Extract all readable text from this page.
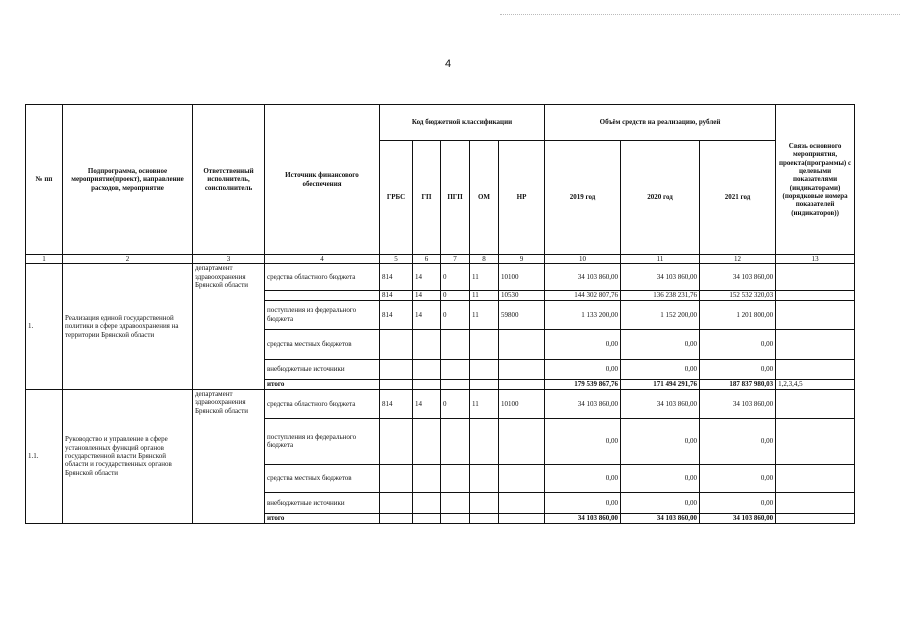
4
№ пп	Подпрограмма, основное мероприятие(проект), направление расходов, мероприятие	Ответственный исполнитель, соисполнитель	Источник финансового обеспечения	Код бюджетной классификации					Объём средств на реализацию, рублей			Связь основного мероприятия, проекта(программы) с целевыми показателями (индикаторами) (порядковые номера показателей (индикаторов))
				ГРБС	ГП	ПГП	ОМ	НР	2019 год	2020 год	2021 год	
1	2	3	4	5	6	7	8	9	10	11	12	13
1.	Реализация единой государственной политики в сфере здравоохранения на территории Брянской области	департамент здравоохранения Брянской области	средства областного бюджета	814	14	0	11	10100	34 103 860,00	34 103 860,00	34 103 860,00	
				814	14	0	11	10530	144 302 807,76	136 238 231,76	152 532 320,03	
			поступления из федерального бюджета	814	14	0	11	59800	1 133 200,00	1 152 200,00	1 201 800,00	
			средства местных бюджетов						0,00	0,00	0,00	
			внебюджетные источники						0,00	0,00	0,00	
			итого						179 539 867,76	171 494 291,76	187 837 980,03	1,2,3,4,5
1.1.	Руководство и управление в сфере установленных функций органов государственной власти Брянской области и государственных органов Брянской области	департамент здравоохранения Брянской области	средства областного бюджета	814	14	0	11	10100	34 103 860,00	34 103 860,00	34 103 860,00	
			поступления из федерального бюджета						0,00	0,00	0,00	
			средства местных бюджетов						0,00	0,00	0,00	
			внебюджетные источники						0,00	0,00	0,00	
			итого						34 103 860,00	34 103 860,00	34 103 860,00	
